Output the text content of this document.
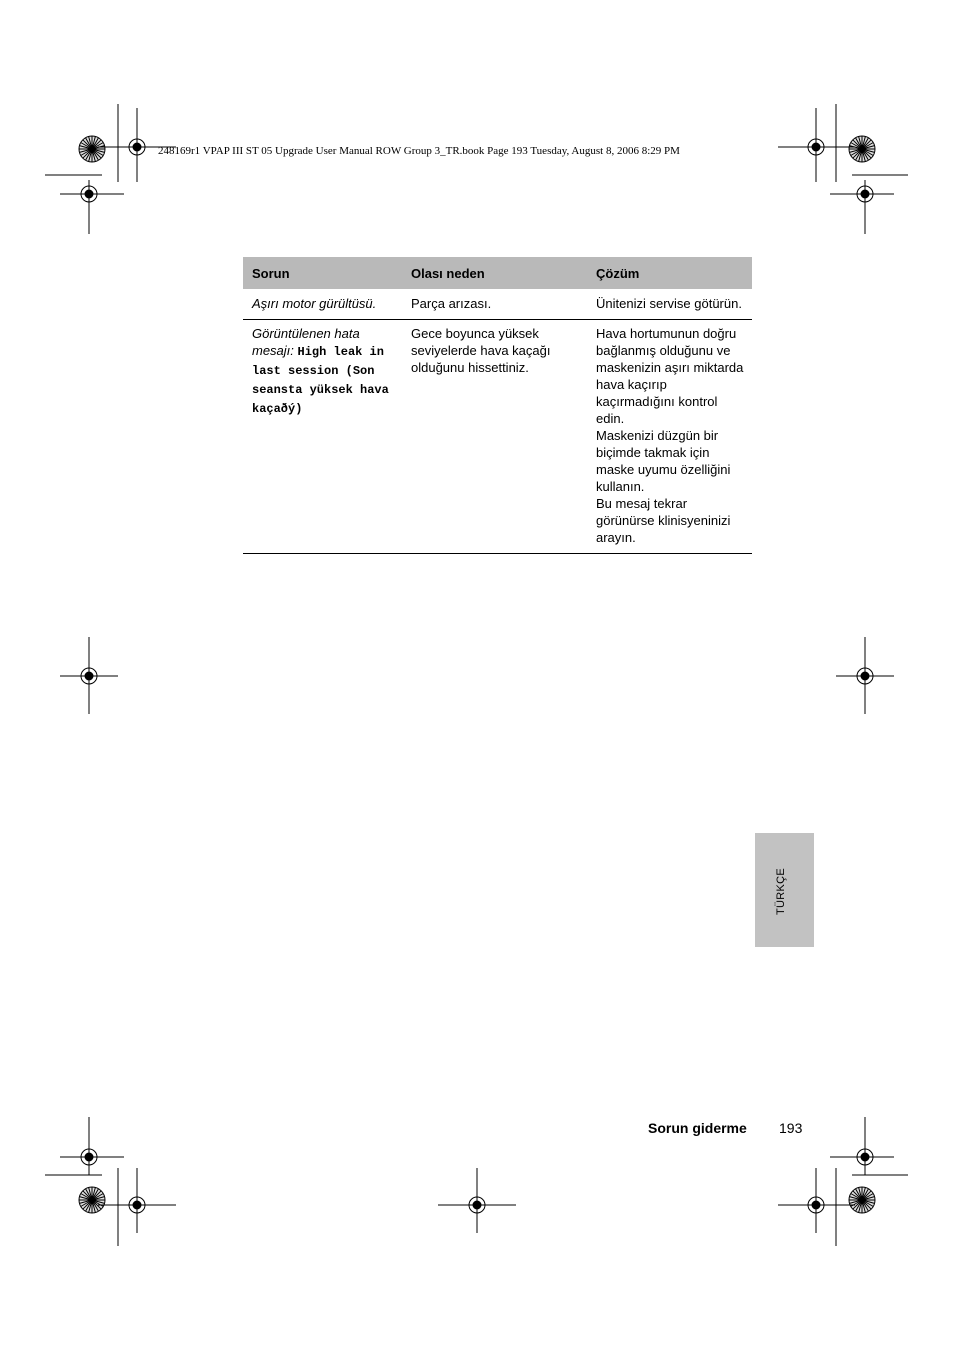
248169r1 VPAP III ST 05 Upgrade User Manual ROW Group 3_TR.book Page 193 Tuesday, August 8, 2006 8:29 PM
Sorun	Olası neden	Çözüm
Aşırı motor gürültüsü.	Parça arızası.	Ünitenizi servise götürün.

Görüntülenen hata mesajı: High leak in last session (Son seansta yüksek hava kaçaðý)	Gece boyunca yüksek seviyelerde hava kaçağı olduğunu hissettiniz.	Hava hortumunun doğru bağlanmış olduğunu ve maskenizin aşırı miktarda hava kaçırıp kaçırmadığını kontrol edin.
Maskenizi düzgün bir biçimde takmak için maske uyumu özelliğini kullanın.
Bu mesaj tekrar görünürse klinisyeninizi arayın.
TÜRKÇE
Sorun giderme 193
